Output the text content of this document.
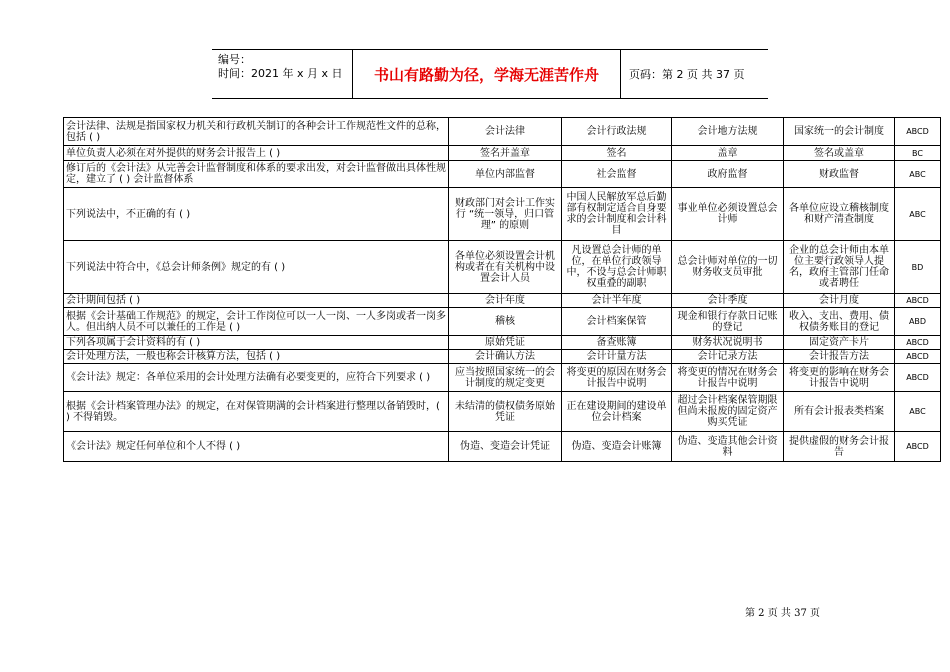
编号：
时间：2021 年 x 月 x 日	书山有路勤为径，学海无涯苦作舟	页码：第 2 页 共 37 页
会计法律、法规是指国家权力机关和行政机关制订的各种会计工作规范性文件的总称，包括 ( )	会计法律	会计行政法规	会计地方法规	国家统一的会计制度	ABCD
单位负责人必须在对外提供的财务会计报告上 ( )	签名并盖章	签名	盖章	签名或盖章	BC
修订后的《会计法》从完善会计监督制度和体系的要求出发，对会计监督做出具体性规定，建立了 ( ) 会计监督体系	单位内部监督	社会监督	政府监督	财政监督	ABC
下列说法中，不正确的有 ( )	财政部门对会计工作实行 “统一领导，归口管理” 的原则	中国人民解放军总后勤部有权制定适合自身要求的会计制度和会计科目	事业单位必须设置总会计师	各单位应设立稽核制度和财产清查制度	ABC
下列说法中符合中，《总会计师条例》规定的有 ( )	各单位必须设置会计机构或者在有关机构中设置会计人员	凡设置总会计师的单位，在单位行政领导中，不设与总会计师职权重叠的副职	总会计师对单位的一切财务收支员审批	企业的总会计师由本单位主要行政领导人提名，政府主管部门任命或者聘任	BD
会计期间包括 ( )	会计年度	会计半年度	会计季度	会计月度	ABCD
根据《会计基础工作规范》的规定，会计工作岗位可以一人一岗、一人多岗或者一岗多人。但出纳人员不可以兼任的工作是 ( )	稽核	会计档案保管	现金和银行存款日记账的登记	收入、支出、费用、债权债务账目的登记	ABD
下列各项属于会计资料的有 ( )	原始凭证	备查账簿	财务状况说明书	固定资产卡片	ABCD
会计处理方法，一般也称会计核算方法，包括 ( )	会计确认方法	会计计量方法	会计记录方法	会计报告方法	ABCD
《会计法》规定：各单位采用的会计处理方法确有必要变更的，应符合下列要求 ( )	应当按照国家统一的会计制度的规定变更	将变更的原因在财务会计报告中说明	将变更的情况在财务会计报告中说明	将变更的影响在财务会计报告中说明	ABCD
根据《会计档案管理办法》的规定，在对保管期满的会计档案进行整理以备销毁时，( ) 不得销毁。	未结清的债权债务原始凭证	正在建设期间的建设单位会计档案	超过会计档案保管期限但尚未报废的固定资产购买凭证	所有会计报表类档案	ABC
《会计法》规定任何单位和个人不得 ( )	伪造、变造会计凭证	伪造、变造会计账簿	伪造、变造其他会计资料	提供虚假的财务会计报告	ABCD
第 2 页 共 37 页
